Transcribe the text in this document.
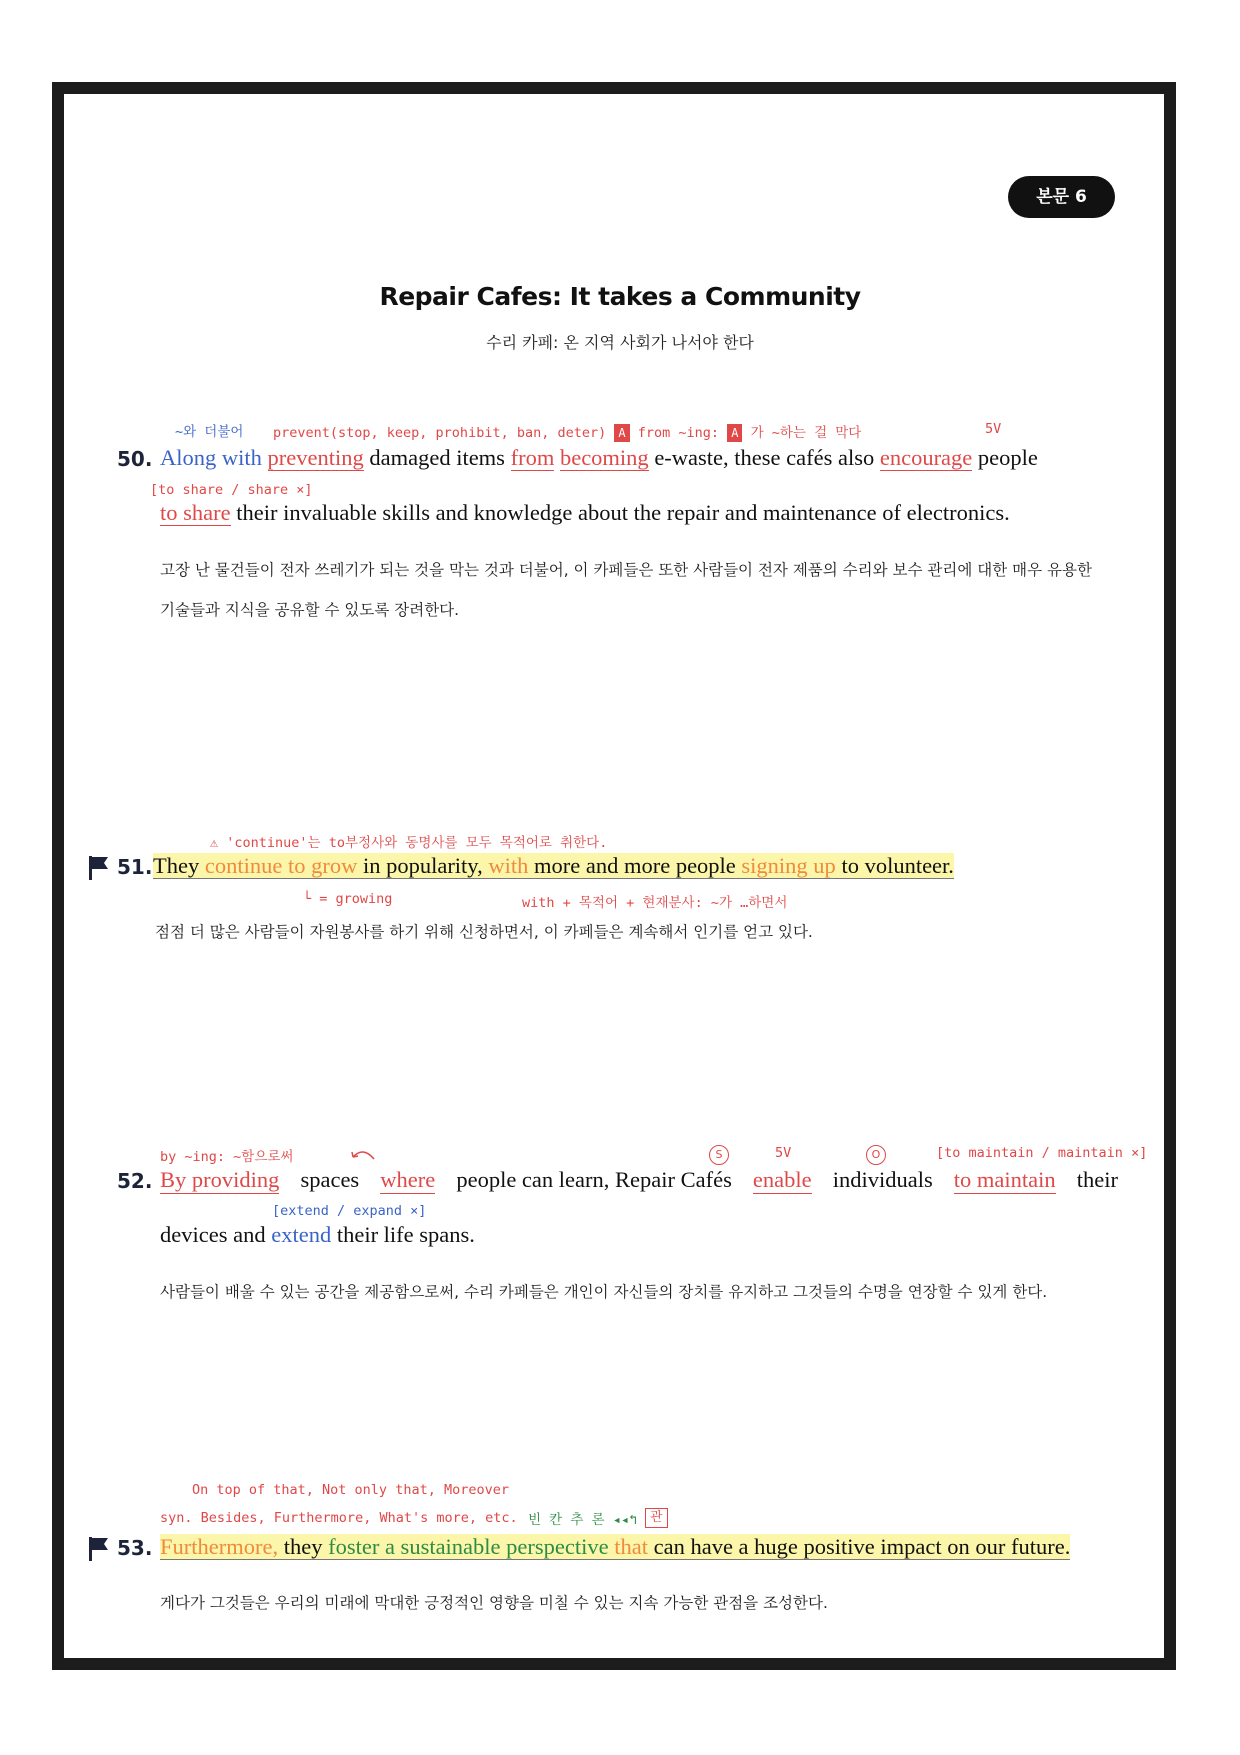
본문 6
Repair Cafes: It takes a Community
수리 카페: 온 지역 사회가 나서야 한다
~와 더불어 prevent(stop, keep, prohibit, ban, deter) A from ~ing: A 가 ~하는 걸 막다	5V
50. Along with preventing damaged items from becoming e-waste, these cafés also encourage people
[to share / share ×]
to share their invaluable skills and knowledge about the repair and maintenance of electronics.
고장 난 물건들이 전자 쓰레기가 되는 것을 막는 것과 더불어, 이 카페들은 또한 사람들이 전자 제품의 수리와 보수 관리에 대한 매우 유용한
기술들과 지식을 공유할 수 있도록 장려한다.
⚠ 'continue'는 to부정사와 동명사를 모두 목적어로 취한다.
51. They continue to grow in popularity, with more and more people signing up to volunteer.
└ = growing	with + 목적어 + 현재분사: ~가 …하면서
점점 더 많은 사람들이 자원봉사를 하기 위해 신청하면서, 이 카페들은 계속해서 인기를 얻고 있다.
by ~ing: ~함으로써	S	5V	O	[to maintain / maintain ×]
52. By providing spaces where people can learn, Repair Cafés enable individuals to maintain their
[extend / expand ×]
devices and extend their life spans.
사람들이 배울 수 있는 공간을 제공함으로써, 수리 카페들은 개인이 자신들의 장치를 유지하고 그것들의 수명을 연장할 수 있게 한다.
On top of that, Not only that, Moreover
syn. Besides, Furthermore, What's more, etc. 빈 칸 추 론 ◂◂↰ 관
53. Furthermore, they foster a sustainable perspective that can have a huge positive impact on our future.
게다가 그것들은 우리의 미래에 막대한 긍정적인 영향을 미칠 수 있는 지속 가능한 관점을 조성한다.
